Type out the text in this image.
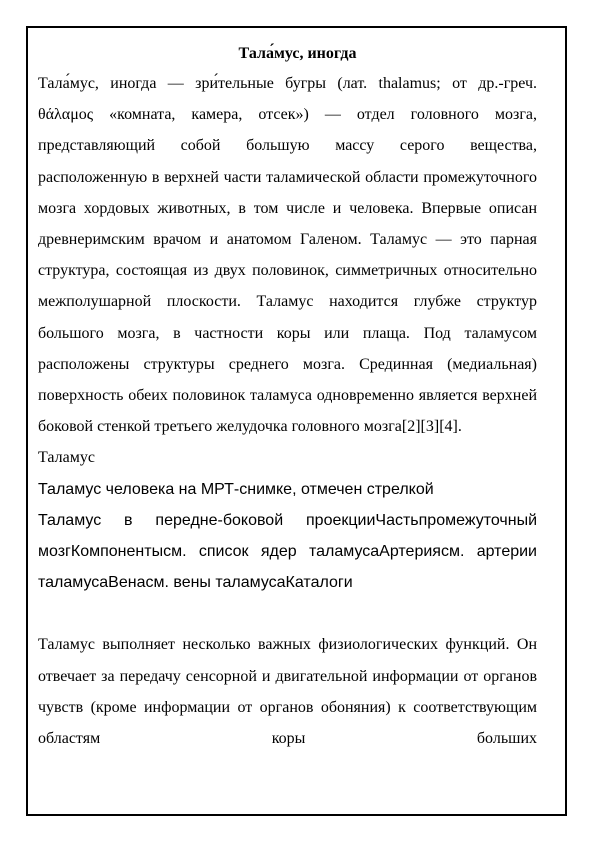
Тала́мус, иногда

Тала́мус, иногда — зри́тельные бугры (лат. thalamus; от др.-греч. θάλαμος «комната, камера, отсек») — отдел головного мозга, представляющий собой большую массу серого вещества, расположенную в верхней части таламической области промежуточного мозга хордовых животных, в том числе и человека. Впервые описан древнеримским врачом и анатомом Галеном. Таламус — это парная структура, состоящая из двух половинок, симметричных относительно межполушарной плоскости. Таламус находится глубже структур большого мозга, в частности коры или плаща. Под таламусом расположены структуры среднего мозга. Срединная (медиальная) поверхность обеих половинок таламуса одновременно является верхней боковой стенкой третьего желудочка головного мозга[2][3][4].

Таламус
Таламус человека на МРТ-снимке, отмечен стрелкой

Таламус в передне-боковой проекцииЧастьпромежуточный мозгКомпонентысм. список ядер таламусаАртериясм. артерии таламусаВенасм. вены таламусаКаталоги

Таламус выполняет несколько важных физиологических функций. Он отвечает за передачу сенсорной и двигательной информации от органов чувств (кроме информации от органов обоняния) к соответствующим областям коры больших
